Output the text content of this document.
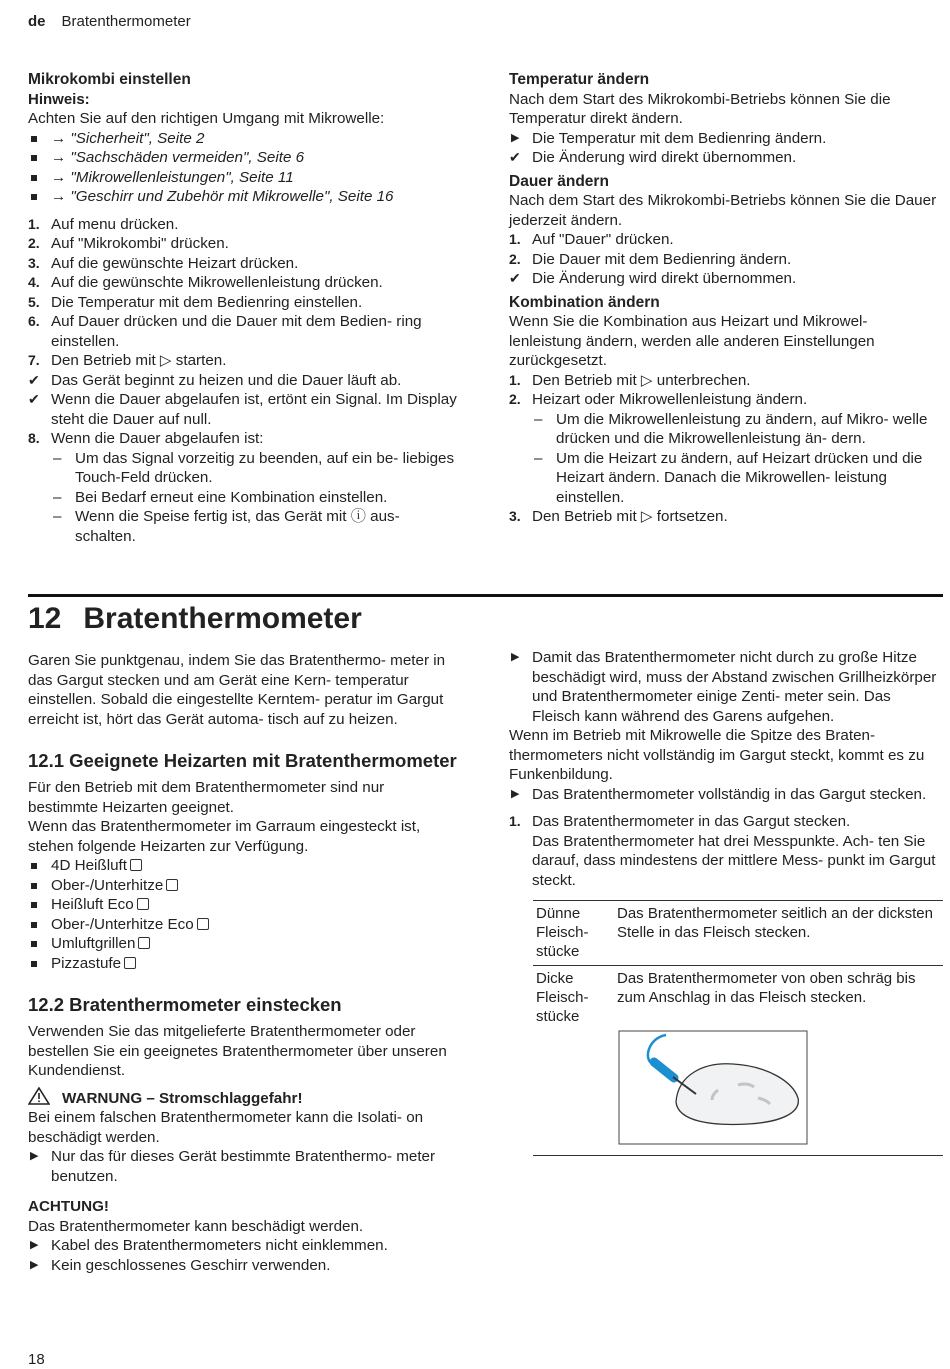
de Bratenthermometer

Mikrokombi einstellen

Hinweis:

Achten Sie auf den richtigen Umgang mit Mikrowelle:

→ "Sicherheit", Seite 2
→ "Sachschäden vermeiden", Seite 6
→ "Mikrowellenleistungen", Seite 11
→ "Geschirr und Zubehör mit Mikrowelle", Seite 16
1. Auf menu drücken.
2. Auf "Mikrokombi" drücken.
3. Auf die gewünschte Heizart drücken.
4. Auf die gewünschte Mikrowellenleistung drücken.
5. Die Temperatur mit dem Bedienring einstellen.
6. Auf Dauer drücken und die Dauer mit dem Bedien- ring einstellen.
7. Den Betrieb mit ▷ starten.
✔ Das Gerät beginnt zu heizen und die Dauer läuft ab.
✔ Wenn die Dauer abgelaufen ist, ertönt ein Signal. Im Display steht die Dauer auf null.
8. Wenn die Dauer abgelaufen ist:
– Um das Signal vorzeitig zu beenden, auf ein be- liebiges Touch-Feld drücken.
– Bei Bedarf erneut eine Kombination einstellen.
– Wenn die Speise fertig ist, das Gerät mit ⓘ aus- schalten.

Temperatur ändern

Nach dem Start des Mikrokombi-Betriebs können Sie die Temperatur direkt ändern.

▶ Die Temperatur mit dem Bedienring ändern.
✔ Die Änderung wird direkt übernommen.

Dauer ändern

Nach dem Start des Mikrokombi-Betriebs können Sie die Dauer jederzeit ändern.

1. Auf "Dauer" drücken.
2. Die Dauer mit dem Bedienring ändern.
✔ Die Änderung wird direkt übernommen.

Kombination ändern

Wenn Sie die Kombination aus Heizart und Mikrowel- lenleistung ändern, werden alle anderen Einstellungen zurückgesetzt.

1. Den Betrieb mit ▷ unterbrechen.
2. Heizart oder Mikrowellenleistung ändern.
– Um die Mikrowellenleistung zu ändern, auf Mikro- welle drücken und die Mikrowellenleistung än- dern.
– Um die Heizart zu ändern, auf Heizart drücken und die Heizart ändern. Danach die Mikrowellen- leistung einstellen.
3. Den Betrieb mit ▷ fortsetzen.
12 Bratenthermometer

Garen Sie punktgenau, indem Sie das Bratenthermo- meter in das Gargut stecken und am Gerät eine Kern- temperatur einstellen. Sobald die eingestellte Kerntem- peratur im Gargut erreicht ist, hört das Gerät automa- tisch auf zu heizen.

12.1 Geeignete Heizarten mit Bratenthermometer

Für den Betrieb mit dem Bratenthermometer sind nur bestimmte Heizarten geeignet.

Wenn das Bratenthermometer im Garraum eingesteckt ist, stehen folgende Heizarten zur Verfügung.

4D Heißluft
Ober-/Unterhitze
Heißluft Eco
Ober-/Unterhitze Eco
Umluftgrillen
Pizzastufe

12.2 Bratenthermometer einstecken

Verwenden Sie das mitgelieferte Bratenthermometer oder bestellen Sie ein geeignetes Bratenthermometer über unseren Kundendienst.

WARNUNG – Stromschlaggefahr!

Bei einem falschen Bratenthermometer kann die Isolati- on beschädigt werden.

▶ Nur das für dieses Gerät bestimmte Bratenthermo- meter benutzen.

ACHTUNG!

Das Bratenthermometer kann beschädigt werden.

▶ Kabel des Bratenthermometers nicht einklemmen.
▶ Kein geschlossenes Geschirr verwenden.
▶ Damit das Bratenthermometer nicht durch zu große Hitze beschädigt wird, muss der Abstand zwischen Grillheizkörper und Bratenthermometer einige Zenti- meter sein. Das Fleisch kann während des Garens aufgehen.

Wenn im Betrieb mit Mikrowelle die Spitze des Braten- thermometers nicht vollständig im Gargut steckt, kommt es zu Funkenbildung.

▶ Das Bratenthermometer vollständig in das Gargut stecken.
1. Das Bratenthermometer in das Gargut stecken.
Das Bratenthermometer hat drei Messpunkte. Ach- ten Sie darauf, dass mindestens der mittlere Mess- punkt im Gargut steckt.
Dünne Fleisch- stücke	Das Bratenthermometer seitlich an der dicksten Stelle in das Fleisch stecken.
Dicke Fleisch- stücke	Das Bratenthermometer von oben schräg bis zum Anschlag in das Fleisch stecken.
18
